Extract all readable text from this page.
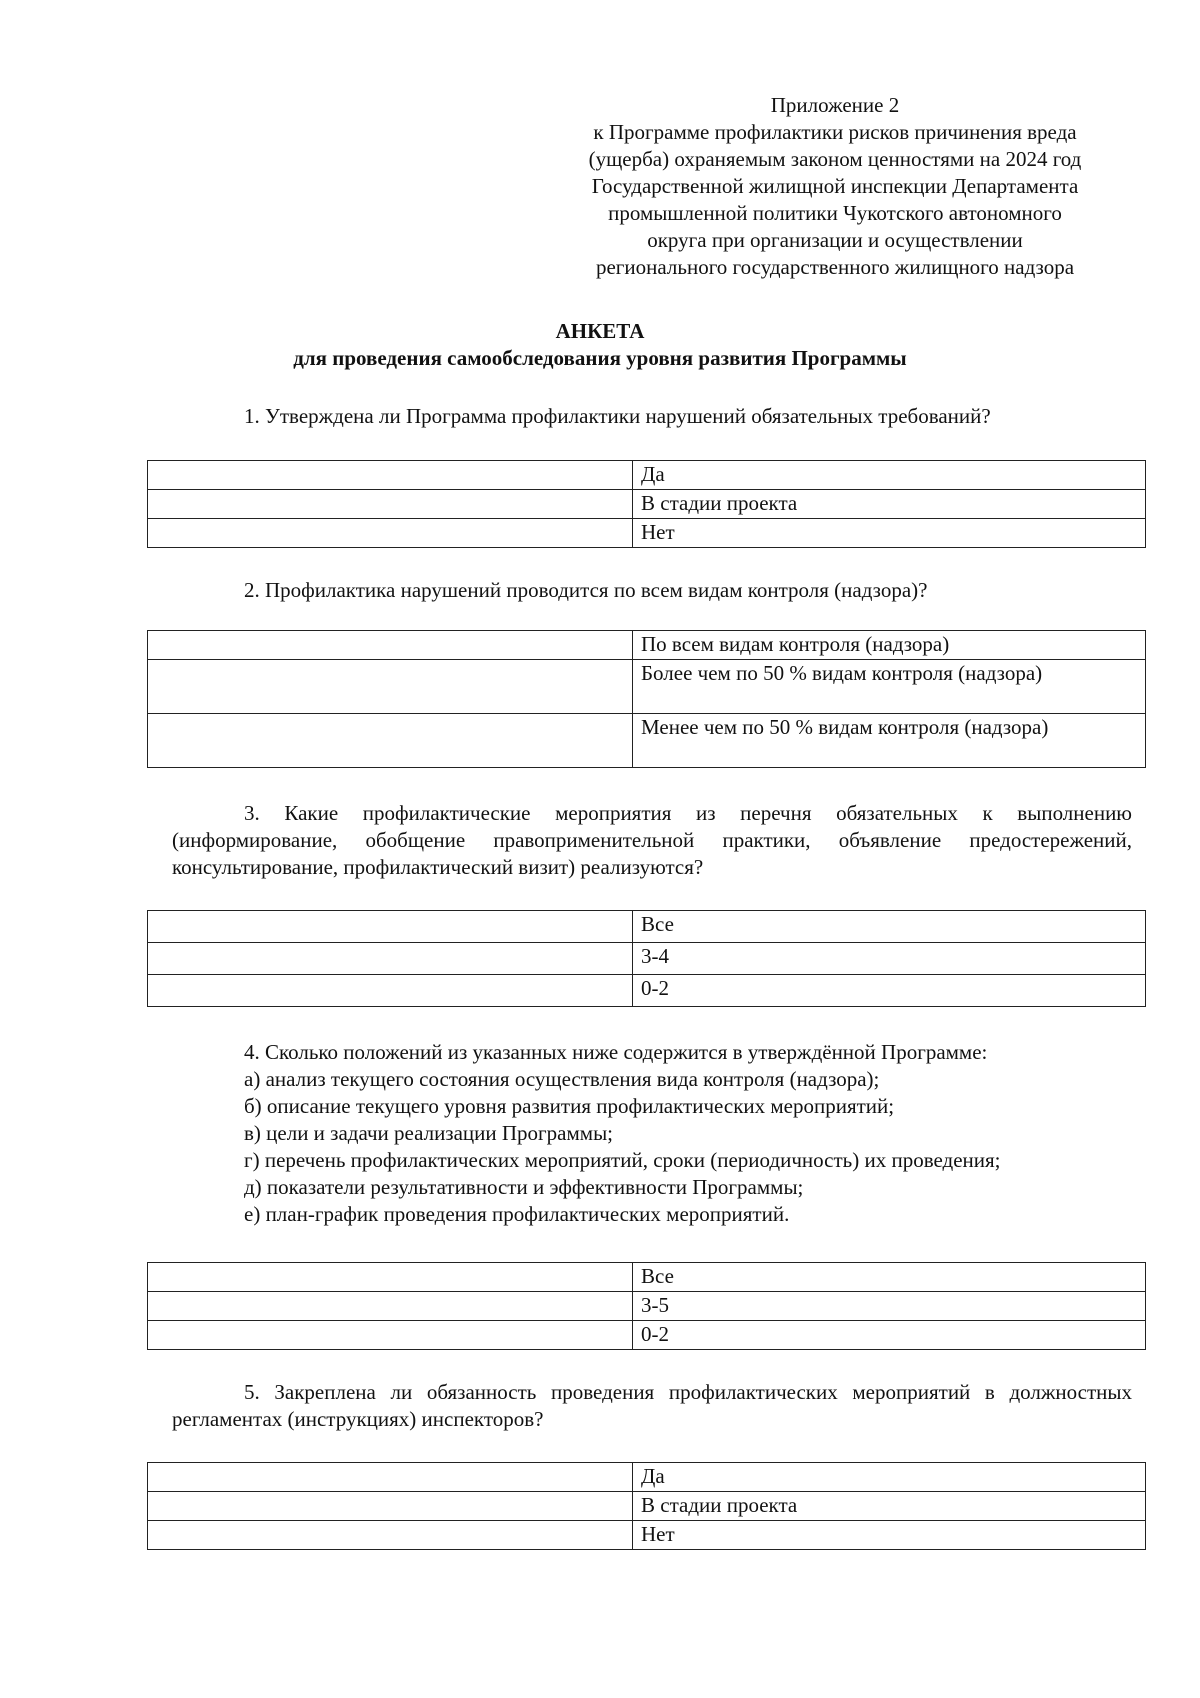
Приложение 2
к Программе профилактики рисков причинения вреда
(ущерба) охраняемым законом ценностями на 2024 год
Государственной жилищной инспекции Департамента
промышленной политики Чукотского автономного
округа при организации и осуществлении
регионального государственного жилищного надзора
АНКЕТА
для проведения самообследования уровня развития Программы
1. Утверждена ли Программа профилактики нарушений обязательных требований?
	Да
	В стадии проекта
	Нет
2. Профилактика нарушений проводится по всем видам контроля (надзора)?
	По всем видам контроля (надзора)
	Более чем по 50 % видам контроля (надзора)
	Менее чем по 50 % видам контроля (надзора)
3. Какие профилактические мероприятия из перечня обязательных к выполнению (информирование, обобщение правоприменительной практики, объявление предостережений, консультирование, профилактический визит) реализуются?
	Все
	3-4
	0-2
4. Сколько положений из указанных ниже содержится в утверждённой Программе:
а) анализ текущего состояния осуществления вида контроля (надзора);
б) описание текущего уровня развития профилактических мероприятий;
в) цели и задачи реализации Программы;
г) перечень профилактических мероприятий, сроки (периодичность) их проведения;
д) показатели результативности и эффективности Программы;
е) план-график проведения профилактических мероприятий.
	Все
	3-5
	0-2
5. Закреплена ли обязанность проведения профилактических мероприятий в должностных регламентах (инструкциях) инспекторов?
	Да
	В стадии проекта
	Нет
